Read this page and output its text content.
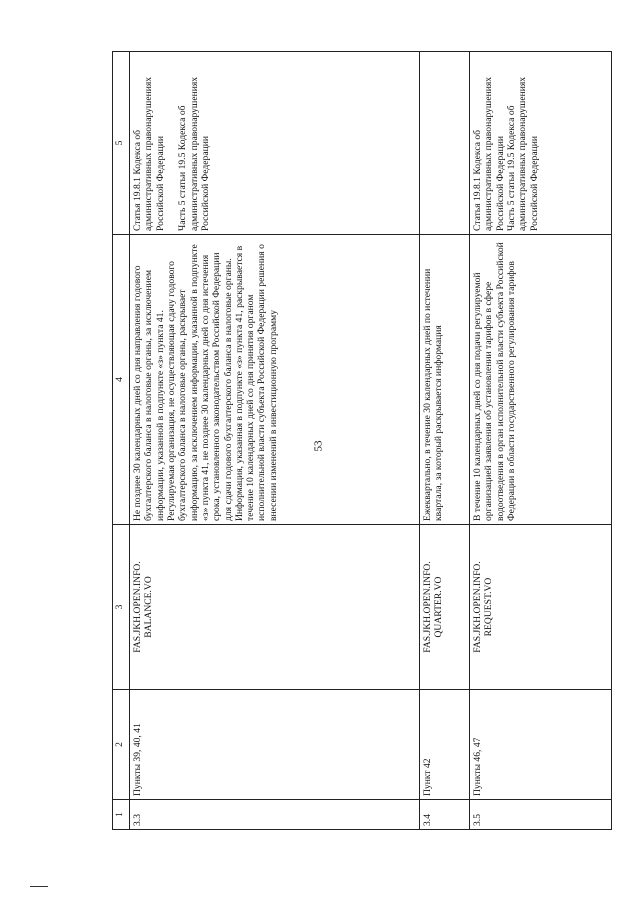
53
1	2	3	4	5
3.3	Пункты 39, 40, 41	FAS.JKH.OPEN.INFO.
BALANCE.VO	Не позднее 30 календарных дней со дня направления годового бухгалтерского баланса в налоговые органы, за исключением информации, указанной в подпункте «з» пункта 41.
Регулируемая организация, не осуществляющая сдачу годового бухгалтерского баланса в налоговые органы, раскрывает информацию, за исключением информации, указанной в подпункте «з» пункта 41, не позднее 30 календарных дней со дня истечения срока, установленного законодательством Российской Федерации для сдачи годового бухгалтерского баланса в налоговые органы. Информация, указанная в подпункте «з» пункта 41, раскрывается в течение 10 календарных дней со дня принятия органом исполнительной власти субъекта Российской Федерации решения о внесении изменений в инвестиционную программу	Статья 19.8.1 Кодекса об административных правонарушениях Российской Федерации

Часть 5 статьи 19.5 Кодекса об административных правонарушениях Российской Федерации
3.4	Пункт 42	FAS.JKH.OPEN.INFO.
QUARTER.VO	Ежеквартально, в течение 30 календарных дней по истечении квартала, за который раскрывается информация	
3.5	Пункты 46, 47	FAS.JKH.OPEN.INFO.
REQUEST.VO	В течение 10 календарных дней со дня подачи регулируемой организацией заявления об установлении тарифов в сфере водоотведения в орган исполнительной власти субъекта Российской Федерации в области государственного регулирования тарифов	Статья 19.8.1 Кодекса об административных правонарушениях Российской Федерации
Часть 5 статьи 19.5 Кодекса об административных правонарушениях Российской Федерации
